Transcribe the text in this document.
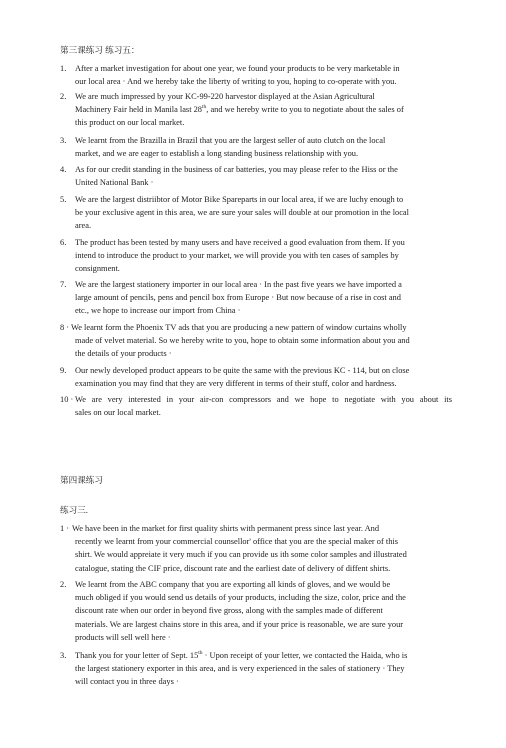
第三课练习 练习五：
1. After a market investigation for about one year, we found your products to be very marketable in
our local area · And we hereby take the liberty of writing to you, hoping to co-operate with you.
2. We are much impressed by your KC-99-220 harvestor displayed at the Asian Agricultural
Machinery Fair held in Manila last 28th, and we hereby write to you to negotiate about the sales of
this product on our local market.
3. We learnt from the Brazilla in Brazil that you are the largest seller of auto clutch on the local
market, and we are eager to establish a long standing business relationship with you.
4. As for our credit standing in the business of car batteries, you may please refer to the Hiss or the
United National Bank ·
5. We are the largest distriibtor of Motor Bike Spareparts in our local area, if we are luchy enough to
be your exclusive agent in this area, we are sure your sales will double at our promotion in the local
area.
6. The product has been tested by many users and have received a good evaluation from them. If you
intend to introduce the product to your market, we will provide you with ten cases of samples by
consignment.
7. We are the largest stationery importer in our local area · In the past five years we have imported a
large amount of pencils, pens and pencil box from Europe · But now because of a rise in cost and
etc., we hope to increase our import from China ·
8 · We learnt form the Phoenix TV ads that you are producing a new pattern of window curtains wholly
made of velvet material. So we hereby write to you, hope to obtain some information about you and
the details of your products ·
9. Our newly developed product appears to be quite the same with the previous KC - 114, but on close
examination you may find that they are very different in terms of their stuff, color and hardness.
10 · We are very interested in your air-con compressors and we hope to negotiate with you about its
sales on our local market.
第四课练习
练习三.
1 · We have been in the market for first quality shirts with permanent press since last year. And
recently we learnt from your commercial counsellor' office that you are the special maker of this
shirt. We would appreiate it very much if you can provide us ith some color samples and illustrated
catalogue, stating the CIF price, discount rate and the earliest date of delivery of diffent shirts.
2. We learnt from the ABC company that you are exporting all kinds of gloves, and we would be
much obliged if you would send us details of your products, including the size, color, price and the
discount rate when our order in beyond five gross, along with the samples made of different
materials. We are largest chains store in this area, and if your price is reasonable, we are sure your
products will sell well here ·
3. Thank you for your letter of Sept. 15th · Upon receipt of your letter, we contacted the Haida, who is
the largest stationery exporter in this area, and is very experienced in the sales of stationery · They
will contact you in three days ·
